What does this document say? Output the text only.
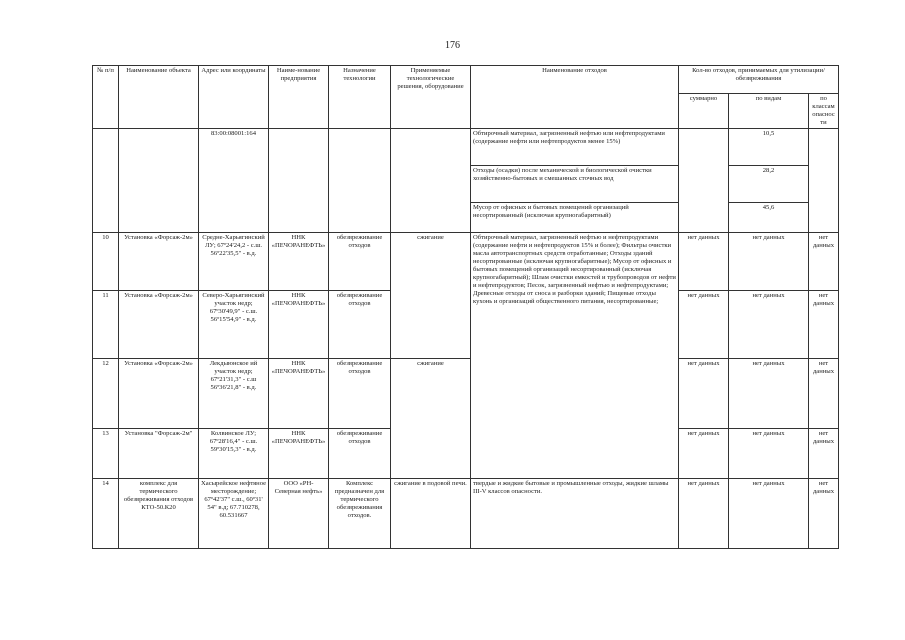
176
№ п/п	Наименование объекта	Адрес или координаты	Наиме-нование предприятия	Назначение технологии	Применяемые технологические решения, оборудование	Наименование отходов	Кол-во отходов, принимаемых для утилизации/обезвреживания		
							суммарно	по видам	по классам опасности
		83:00:08001:164				Обтирочный материал, загрязненный нефтью или нефтепродуктами (содержание нефти или нефтепродуктов менее 15%)		10,5	
						Отходы (осадки) после механической и биологической очистки хозяйственно-бытовых и смешанных сточных вод		28,2	
						Мусор от офисных и бытовых помещений организаций несортированный (исключая крупногабаритный)		45,6	
10	Установка «Форсаж-2м»	Средне-Харьягинский ЛУ; 67º24'24,2 - с.ш. 56º22'35,5" - в.д.	ННК «ПЕЧОРАНЕФТЬ»	обезвреживание отходов	сжигание	Обтирочный материал, загрязненный нефтью и нефтепродуктами (содержание нефти и нефтепродуктов 15% и более); Фильтры очистки масла автотранспортных средств отработанные; Отходы зданий несортированные (исключая крупногабаритные); Мусор от офисных и бытовых помещений организаций несортированный (исключая крупногабаритный); Шлам очистки емкостей и трубопроводов от нефти и нефтепродуктов; Песок, загрязненный нефтью и нефтепродуктами; Древесные отходы от сноса и разборки зданий; Пищевые отходы кухонь и организаций общественного питания, несортированные;	нет данных	нет данных	нет данных
11	Установка «Форсаж-2м»	Северо-Харьягинский участок недр; 67º30'49,9" - с.ш. 56º15'54,9" - в.д.	ННК «ПЕЧОРАНЕФТЬ»	обезвреживание отходов			нет данных	нет данных	нет данных
12	Установка «Форсаж-2м»	Лекдыюнское ий участок недр; 67º21'31,3" - с.ш 56º36'21,8" - в.д.	ННК «ПЕЧОРАНЕФТЬ»	обезвреживание отходов	сжигание		нет данных	нет данных	нет данных
13	Установка "Форсаж-2м"	Колвинское ЛУ; 67º28'16,4" - с.ш. 59º30'15,3" - в.д.	ННК «ПЕЧОРАНЕФТЬ»	обезвреживание отходов			нет данных	нет данных	нет данных
14	комплекс для термического обезвреживания отходов КТО-50.К20	Хасырейское нефтяное месторождение; 67º42'37" с.ш., 60º31' 54" в.д; 67.710278, 60.531667	ООО «РН-Северная нефть»	Комплекс предназначен для термического обезвреживания отходов.	сжигание в подовой печи.	твердые и жидкие бытовые и промышленные отходы, жидкие шламы III-V классов опасности.	нет данных	нет данных	нет данных
